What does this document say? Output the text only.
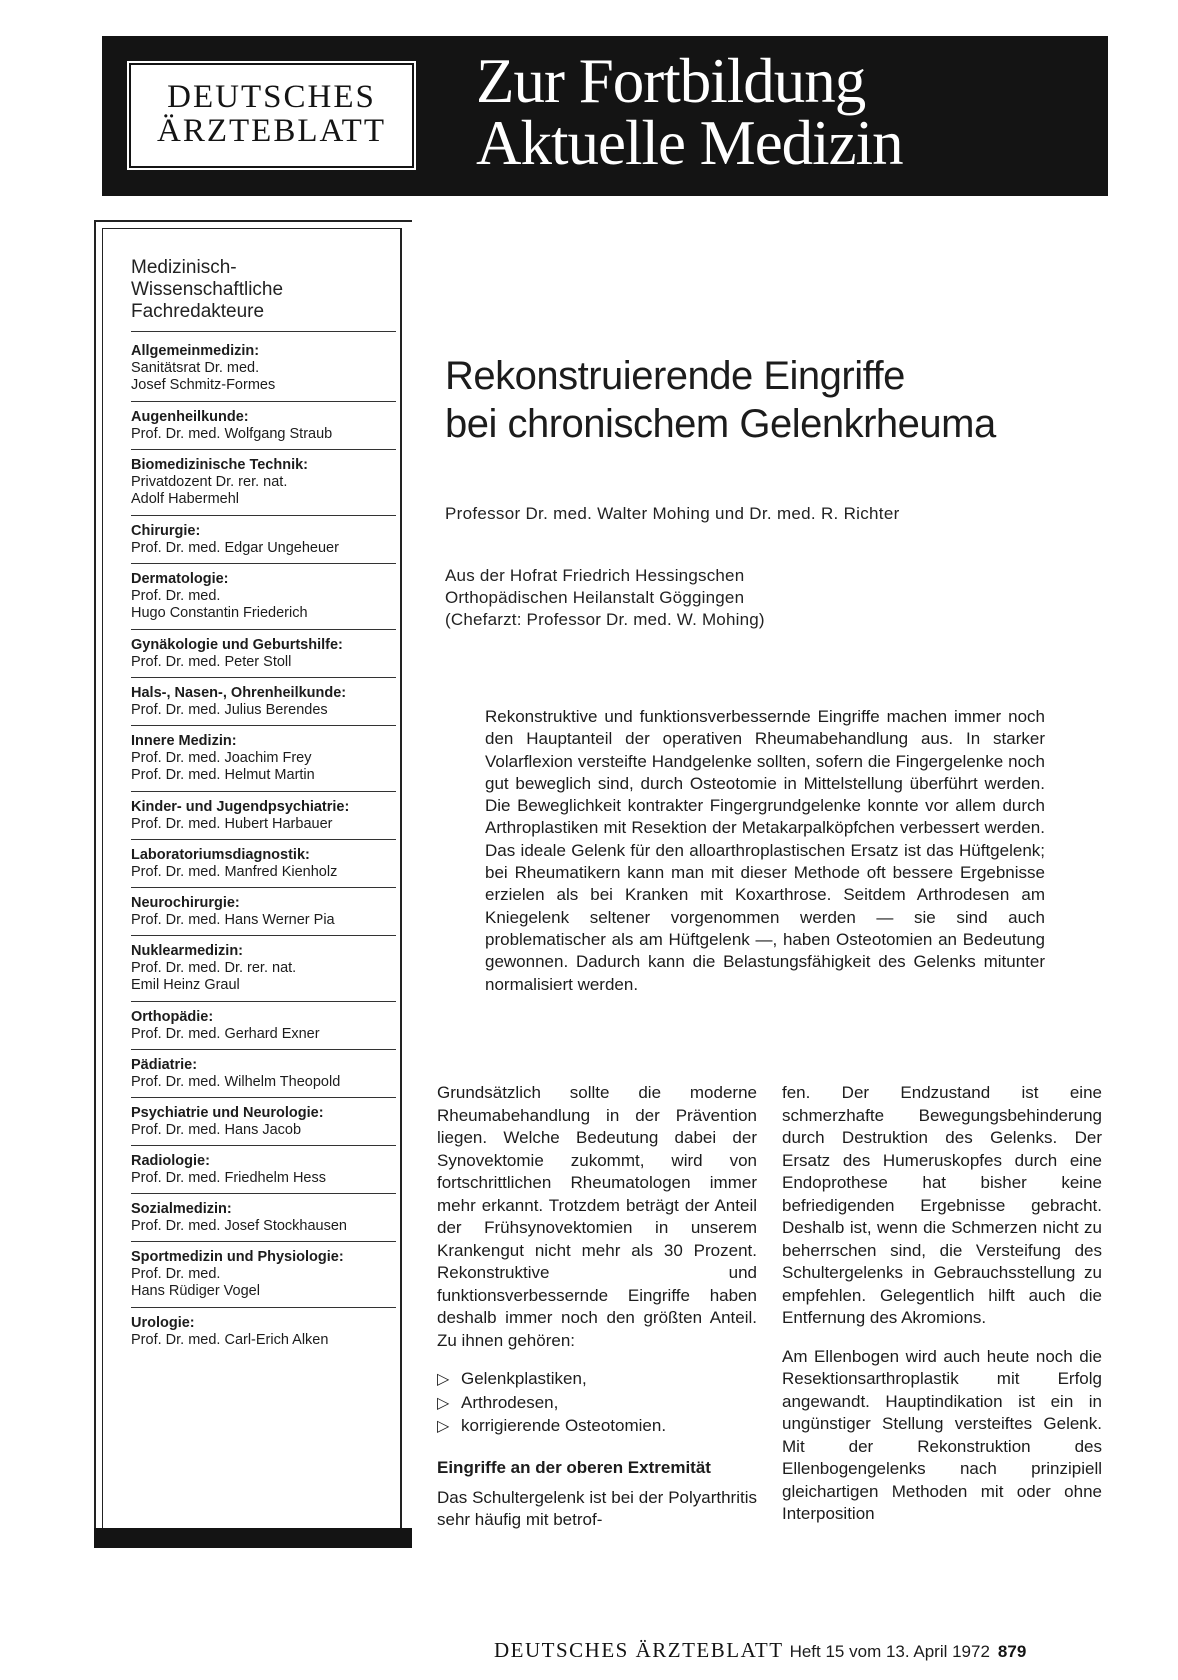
DEUTSCHES
ÄRZTEBLATT
Zur Fortbildung
Aktuelle Medizin
Medizinisch-
Wissenschaftliche
Fachredakteure
Allgemeinmedizin:
Sanitätsrat Dr. med.
Josef Schmitz-Formes
Augenheilkunde:
Prof. Dr. med. Wolfgang Straub
Biomedizinische Technik:
Privatdozent Dr. rer. nat.
Adolf Habermehl
Chirurgie:
Prof. Dr. med. Edgar Ungeheuer
Dermatologie:
Prof. Dr. med.
Hugo Constantin Friederich
Gynäkologie und Geburtshilfe:
Prof. Dr. med. Peter Stoll
Hals-, Nasen-, Ohrenheilkunde:
Prof. Dr. med. Julius Berendes
Innere Medizin:
Prof. Dr. med. Joachim Frey
Prof. Dr. med. Helmut Martin
Kinder- und Jugendpsychiatrie:
Prof. Dr. med. Hubert Harbauer
Laboratoriumsdiagnostik:
Prof. Dr. med. Manfred Kienholz
Neurochirurgie:
Prof. Dr. med. Hans Werner Pia
Nuklearmedizin:
Prof. Dr. med. Dr. rer. nat.
Emil Heinz Graul
Orthopädie:
Prof. Dr. med. Gerhard Exner
Pädiatrie:
Prof. Dr. med. Wilhelm Theopold
Psychiatrie und Neurologie:
Prof. Dr. med. Hans Jacob
Radiologie:
Prof. Dr. med. Friedhelm Hess
Sozialmedizin:
Prof. Dr. med. Josef Stockhausen
Sportmedizin und Physiologie:
Prof. Dr. med.
Hans Rüdiger Vogel
Urologie:
Prof. Dr. med. Carl-Erich Alken
Rekonstruierende Eingriffe
bei chronischem Gelenkrheuma
Professor Dr. med. Walter Mohing und Dr. med. R. Richter
Aus der Hofrat Friedrich Hessingschen
Orthopädischen Heilanstalt Göggingen
(Chefarzt: Professor Dr. med. W. Mohing)
Rekonstruktive und funktionsverbessernde Eingriffe machen immer noch den Hauptanteil der operativen Rheumabehandlung aus. In starker Volarflexion versteifte Handgelenke sollten, sofern die Fingergelenke noch gut beweglich sind, durch Osteotomie in Mittelstellung überführt werden. Die Beweglichkeit kontrakter Fingergrundgelenke konnte vor allem durch Arthroplastiken mit Resektion der Metakarpalköpfchen verbessert werden. Das ideale Gelenk für den alloarthroplastischen Ersatz ist das Hüftgelenk; bei Rheumatikern kann man mit dieser Methode oft bessere Ergebnisse erzielen als bei Kranken mit Koxarthrose. Seitdem Arthrodesen am Kniegelenk seltener vorgenommen werden — sie sind auch problematischer als am Hüftgelenk —, haben Osteotomien an Bedeutung gewonnen. Dadurch kann die Belastungsfähigkeit des Gelenks mitunter normalisiert werden.

Grundsätzlich sollte die moderne Rheumabehandlung in der Prävention liegen. Welche Bedeutung dabei der Synovektomie zukommt, wird von fortschrittlichen Rheumatologen immer mehr erkannt. Trotzdem beträgt der Anteil der Frühsynovektomien in unserem Krankengut nicht mehr als 30 Prozent. Rekonstruktive und funktionsverbessernde Eingriffe haben deshalb immer noch den größten Anteil. Zu ihnen gehören:

▷ Gelenkplastiken,
▷ Arthrodesen,
▷ korrigierende Osteotomien.
Eingriffe an der oberen Extremität

Das Schultergelenk ist bei der Polyarthritis sehr häufig mit betrof-

fen. Der Endzustand ist eine schmerzhafte Bewegungsbehinderung durch Destruktion des Gelenks. Der Ersatz des Humeruskopfes durch eine Endoprothese hat bisher keine befriedigenden Ergebnisse gebracht. Deshalb ist, wenn die Schmerzen nicht zu beherrschen sind, die Versteifung des Schultergelenks in Gebrauchsstellung zu empfehlen. Gelegentlich hilft auch die Entfernung des Akromions.

Am Ellenbogen wird auch heute noch die Resektionsarthroplastik mit Erfolg angewandt. Hauptindikation ist ein in ungünstiger Stellung versteiftes Gelenk. Mit der Rekonstruktion des Ellenbogengelenks nach prinzipiell gleichartigen Methoden mit oder ohne Interposition

DEUTSCHES ÄRZTEBLATT Heft 15 vom 13. April 1972 879
